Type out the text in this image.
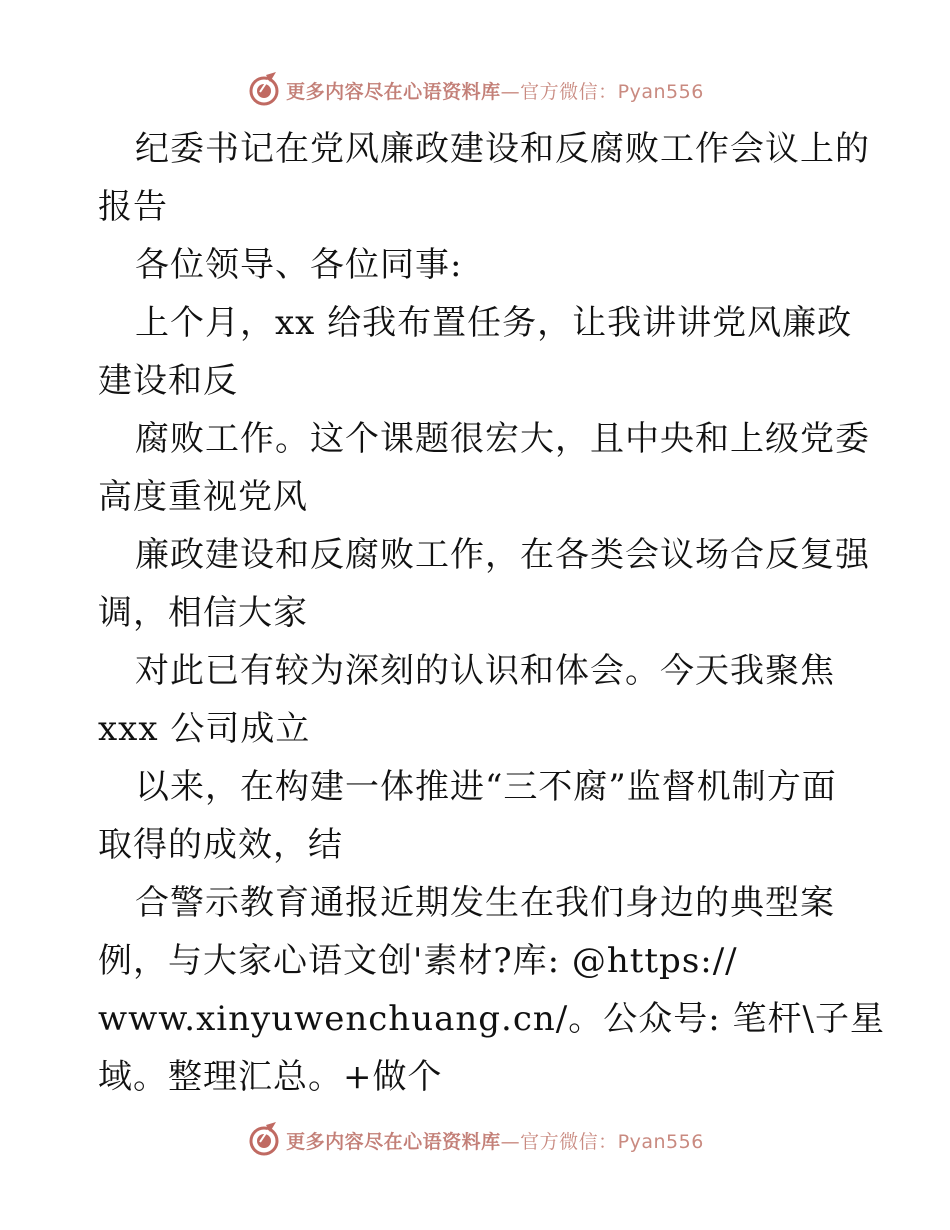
更多内容尽在心语资料库—官方微信：Pyan556
纪委书记在党风廉政建设和反腐败工作会议上的
报告
各位领导、各位同事:
上个月，xx 给我布置任务，让我讲讲党风廉政
建设和反
腐败工作。这个课题很宏大，且中央和上级党委
高度重视党风
廉政建设和反腐败工作，在各类会议场合反复强
调，相信大家
对此已有较为深刻的认识和体会。今天我聚焦
xxx 公司成立
以来，在构建一体推进“三不腐”监督机制方面
取得的成效，结
合警示教育通报近期发生在我们身边的典型案
例，与大家心语文创'素材?库: @https://
www.xinyuwenchuang.cn/。公众号: 笔杆\子星
域。整理汇总。+做个
更多内容尽在心语资料库—官方微信：Pyan556
